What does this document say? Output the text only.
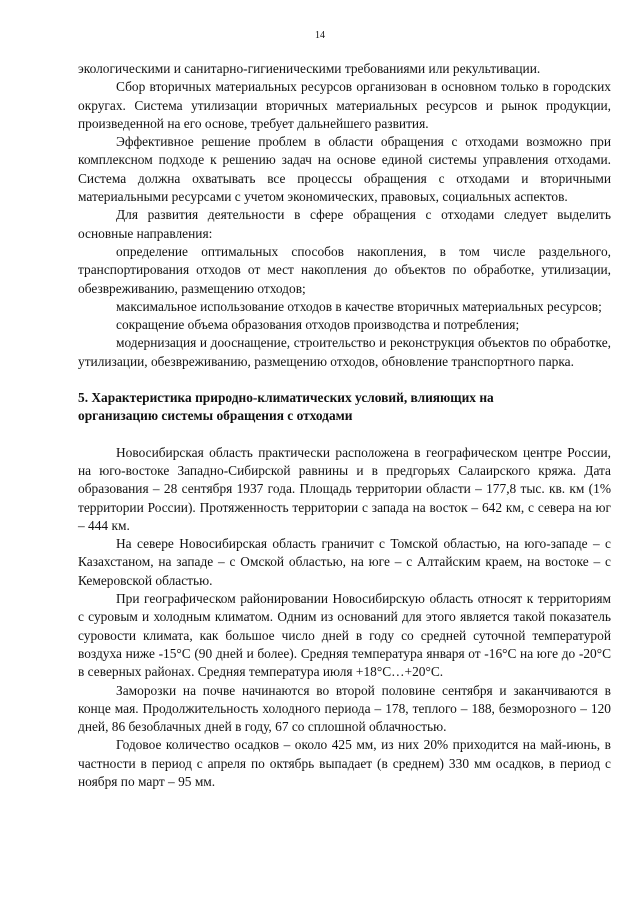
14

экологическими и санитарно-гигиеническими требованиями или рекультивации.

Сбор вторичных материальных ресурсов организован в основном только в городских округах. Система утилизации вторичных материальных ресурсов и рынок продукции, произведенной на его основе, требует дальнейшего развития.

Эффективное решение проблем в области обращения с отходами возможно при комплексном подходе к решению задач на основе единой системы управления отходами. Система должна охватывать все процессы обращения с отходами и вторичными материальными ресурсами с учетом экономических, правовых, социальных аспектов.

Для развития деятельности в сфере обращения с отходами следует выделить основные направления:

определение оптимальных способов накопления, в том числе раздельного, транспортирования отходов от мест накопления до объектов по обработке, утилизации, обезвреживанию, размещению отходов;

максимальное использование отходов в качестве вторичных материальных ресурсов;

сокращение объема образования отходов производства и потребления;

модернизация и дооснащение, строительство и реконструкция объектов по обработке, утилизации, обезвреживанию, размещению отходов, обновление транспортного парка.

5. Характеристика природно-климатических условий, влияющих на

организацию системы обращения с отходами

Новосибирская область практически расположена в географическом центре России, на юго-востоке Западно-Сибирской равнины и в предгорьях Салаирского кряжа. Дата образования – 28 сентября 1937 года. Площадь территории области – 177,8 тыс. кв. км (1% территории России). Протяженность территории с запада на восток – 642 км, с севера на юг – 444 км.

На севере Новосибирская область граничит с Томской областью, на юго-западе – с Казахстаном, на западе – с Омской областью, на юге – с Алтайским краем, на востоке – с Кемеровской областью.

При географическом районировании Новосибирскую область относят к территориям с суровым и холодным климатом. Одним из оснований для этого является такой показатель суровости климата, как большое число дней в году со средней суточной температурой воздуха ниже -15°С (90 дней и более). Средняя температура января от -16°С на юге до -20°С в северных районах. Средняя температура июля +18°С…+20°С.

Заморозки на почве начинаются во второй половине сентября и заканчиваются в конце мая. Продолжительность холодного периода – 178, теплого – 188, безморозного – 120 дней, 86 безоблачных дней в году, 67 со сплошной облачностью.

Годовое количество осадков – около 425 мм, из них 20% приходится на май-июнь, в частности в период с апреля по октябрь выпадает (в среднем) 330 мм осадков, в период с ноября по март – 95 мм.
